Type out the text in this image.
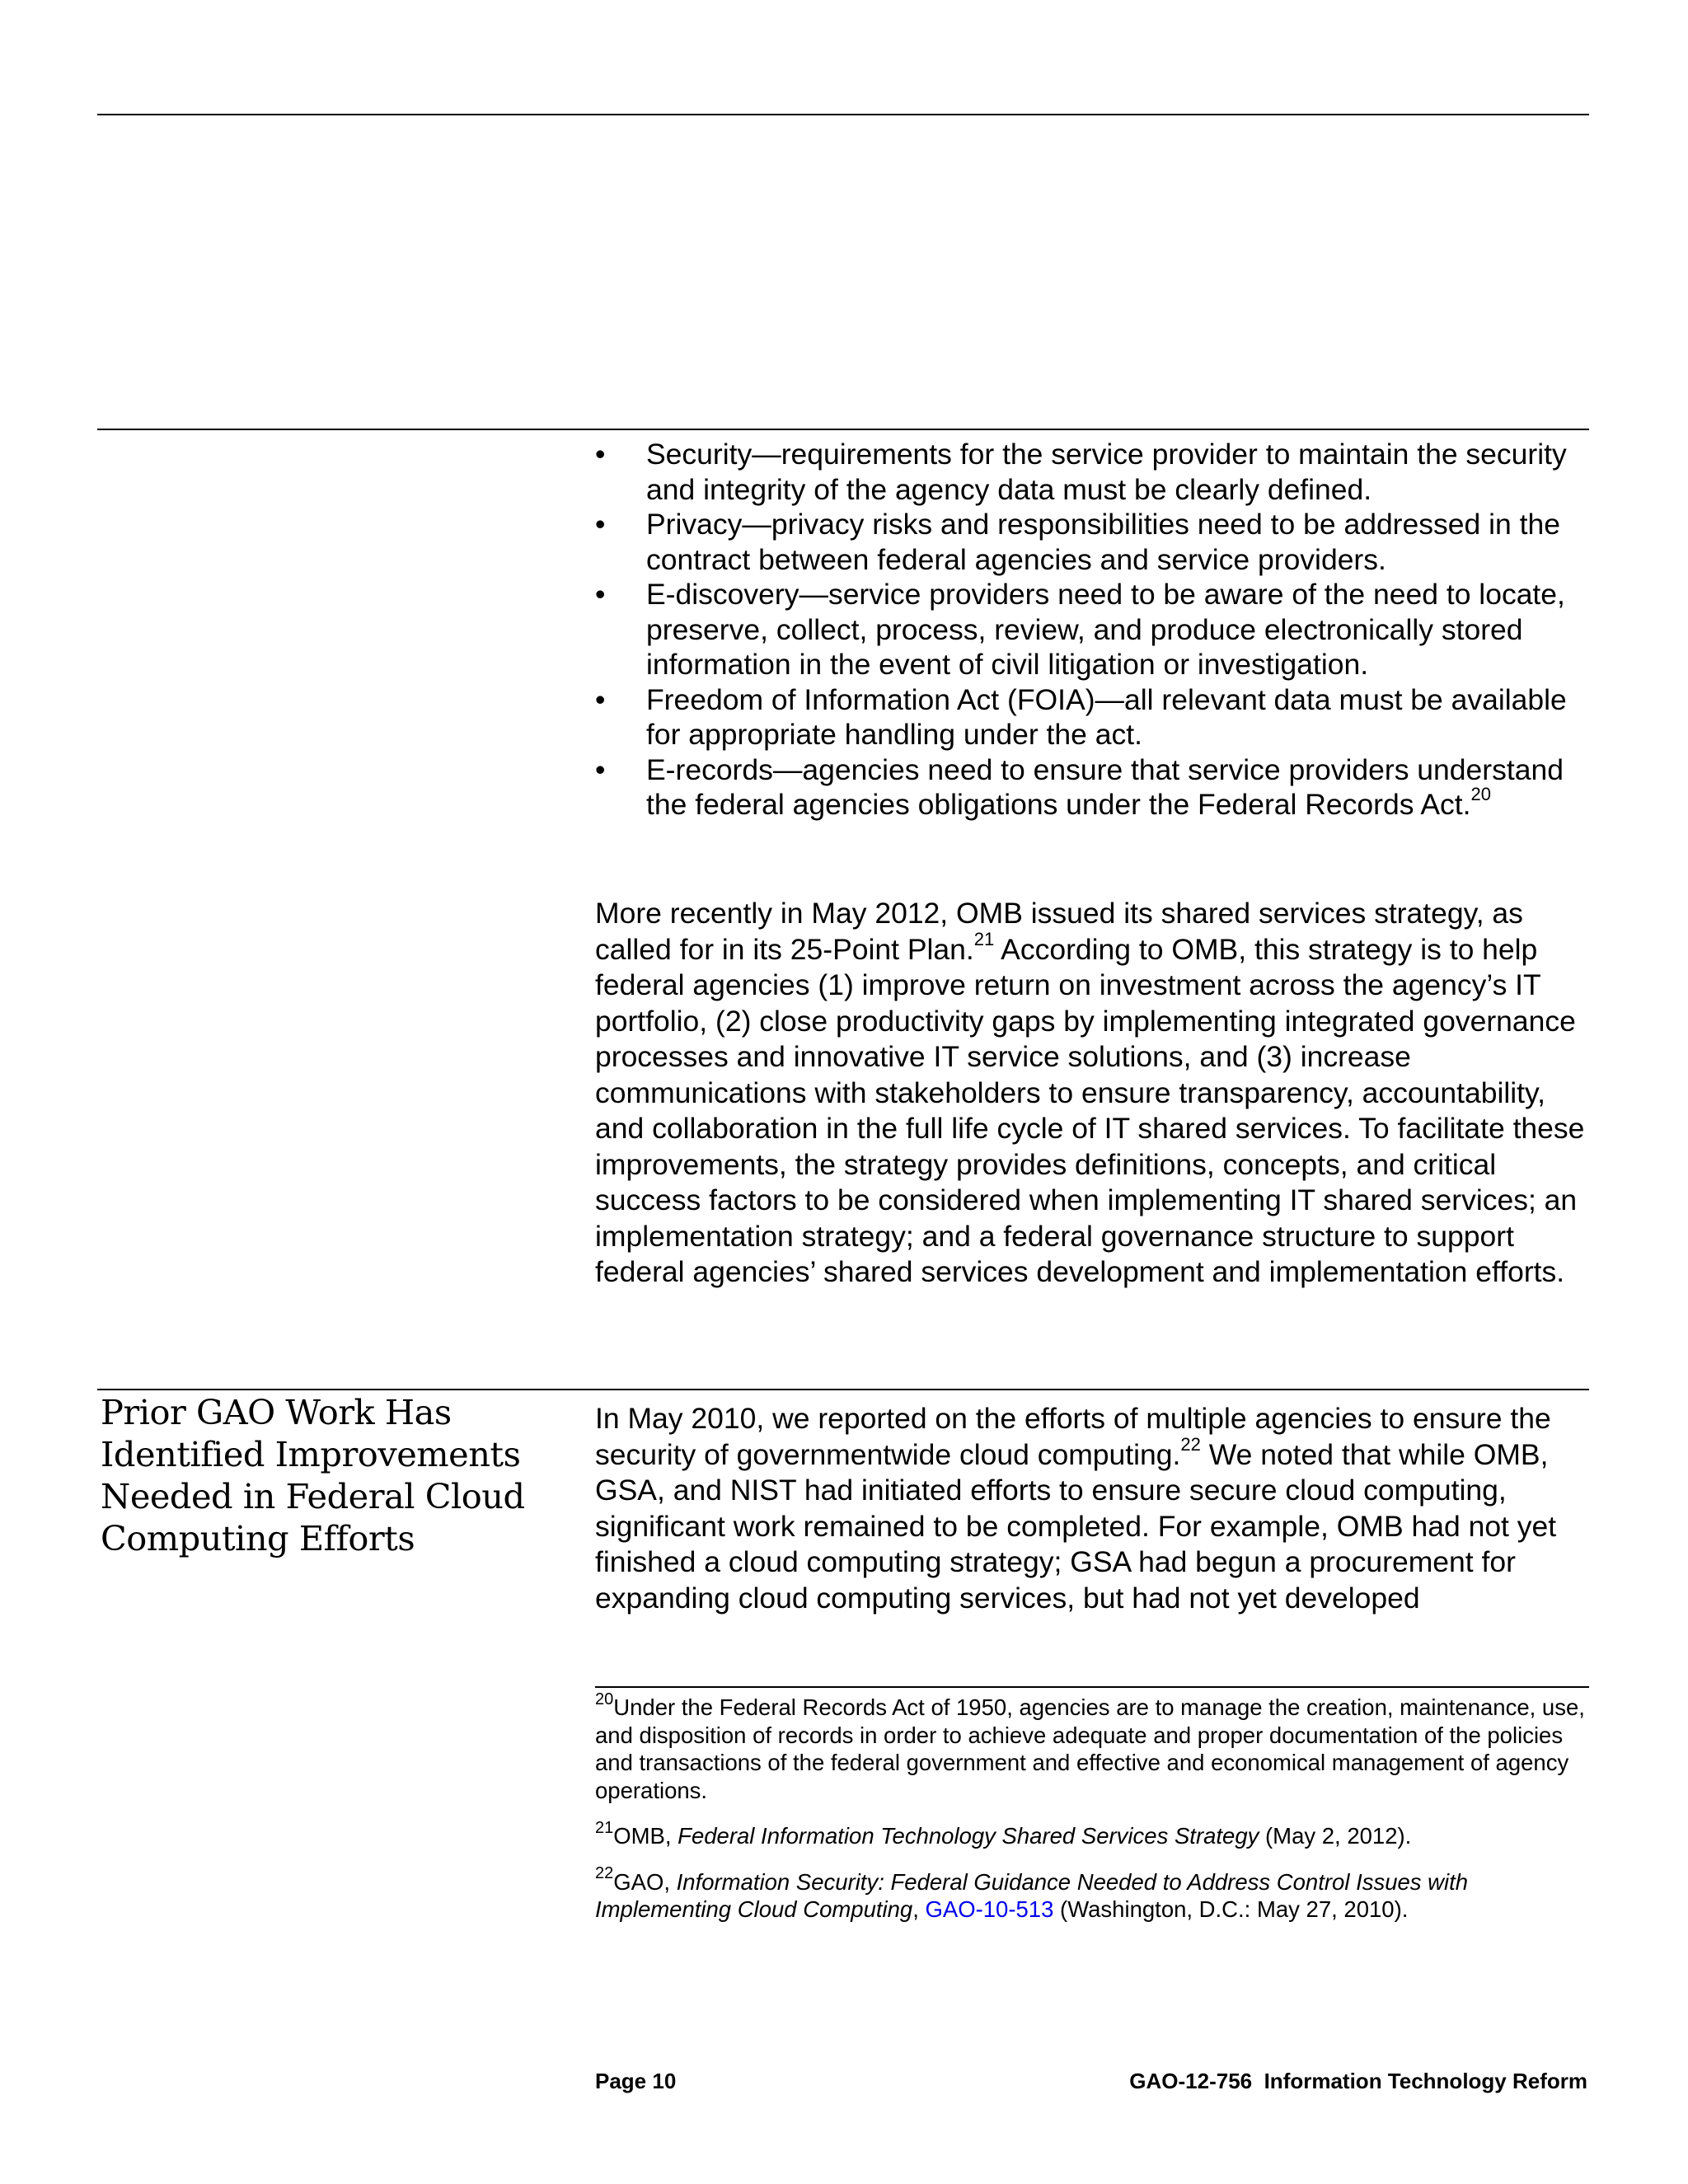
• Security—requirements for the service provider to maintain the security and integrity of the agency data must be clearly defined.
• Privacy—privacy risks and responsibilities need to be addressed in the contract between federal agencies and service providers.
• E-discovery—service providers need to be aware of the need to locate, preserve, collect, process, review, and produce electronically stored information in the event of civil litigation or investigation.
• Freedom of Information Act (FOIA)—all relevant data must be available for appropriate handling under the act.
• E-records—agencies need to ensure that service providers understand the federal agencies obligations under the Federal Records Act.$^{20}$

More recently in May 2012, OMB issued its shared services strategy, as called for in its 25-Point Plan.$^{21}$ According to OMB, this strategy is to help federal agencies (1) improve return on investment across the agency’s IT portfolio, (2) close productivity gaps by implementing integrated governance processes and innovative IT service solutions, and (3) increase communications with stakeholders to ensure transparency, accountability, and collaboration in the full life cycle of IT shared services. To facilitate these improvements, the strategy provides definitions, concepts, and critical success factors to be considered when implementing IT shared services; an implementation strategy; and a federal governance structure to support federal agencies’ shared services development and implementation efforts.

Prior GAO Work Has Identified Improvements Needed in Federal Cloud Computing Efforts

In May 2010, we reported on the efforts of multiple agencies to ensure the security of governmentwide cloud computing.$^{22}$ We noted that while OMB, GSA, and NIST had initiated efforts to ensure secure cloud computing, significant work remained to be completed. For example, OMB had not yet finished a cloud computing strategy; GSA had begun a procurement for expanding cloud computing services, but had not yet developed

$^{20}$Under the Federal Records Act of 1950, agencies are to manage the creation, maintenance, use, and disposition of records in order to achieve adequate and proper documentation of the policies and transactions of the federal government and effective and economical management of agency operations.

$^{21}$OMB, Federal Information Technology Shared Services Strategy (May 2, 2012).

$^{22}$GAO, Information Security: Federal Guidance Needed to Address Control Issues with Implementing Cloud Computing, GAO-10-513 (Washington, D.C.: May 27, 2010).

Page 10	GAO-12-756  Information Technology Reform
